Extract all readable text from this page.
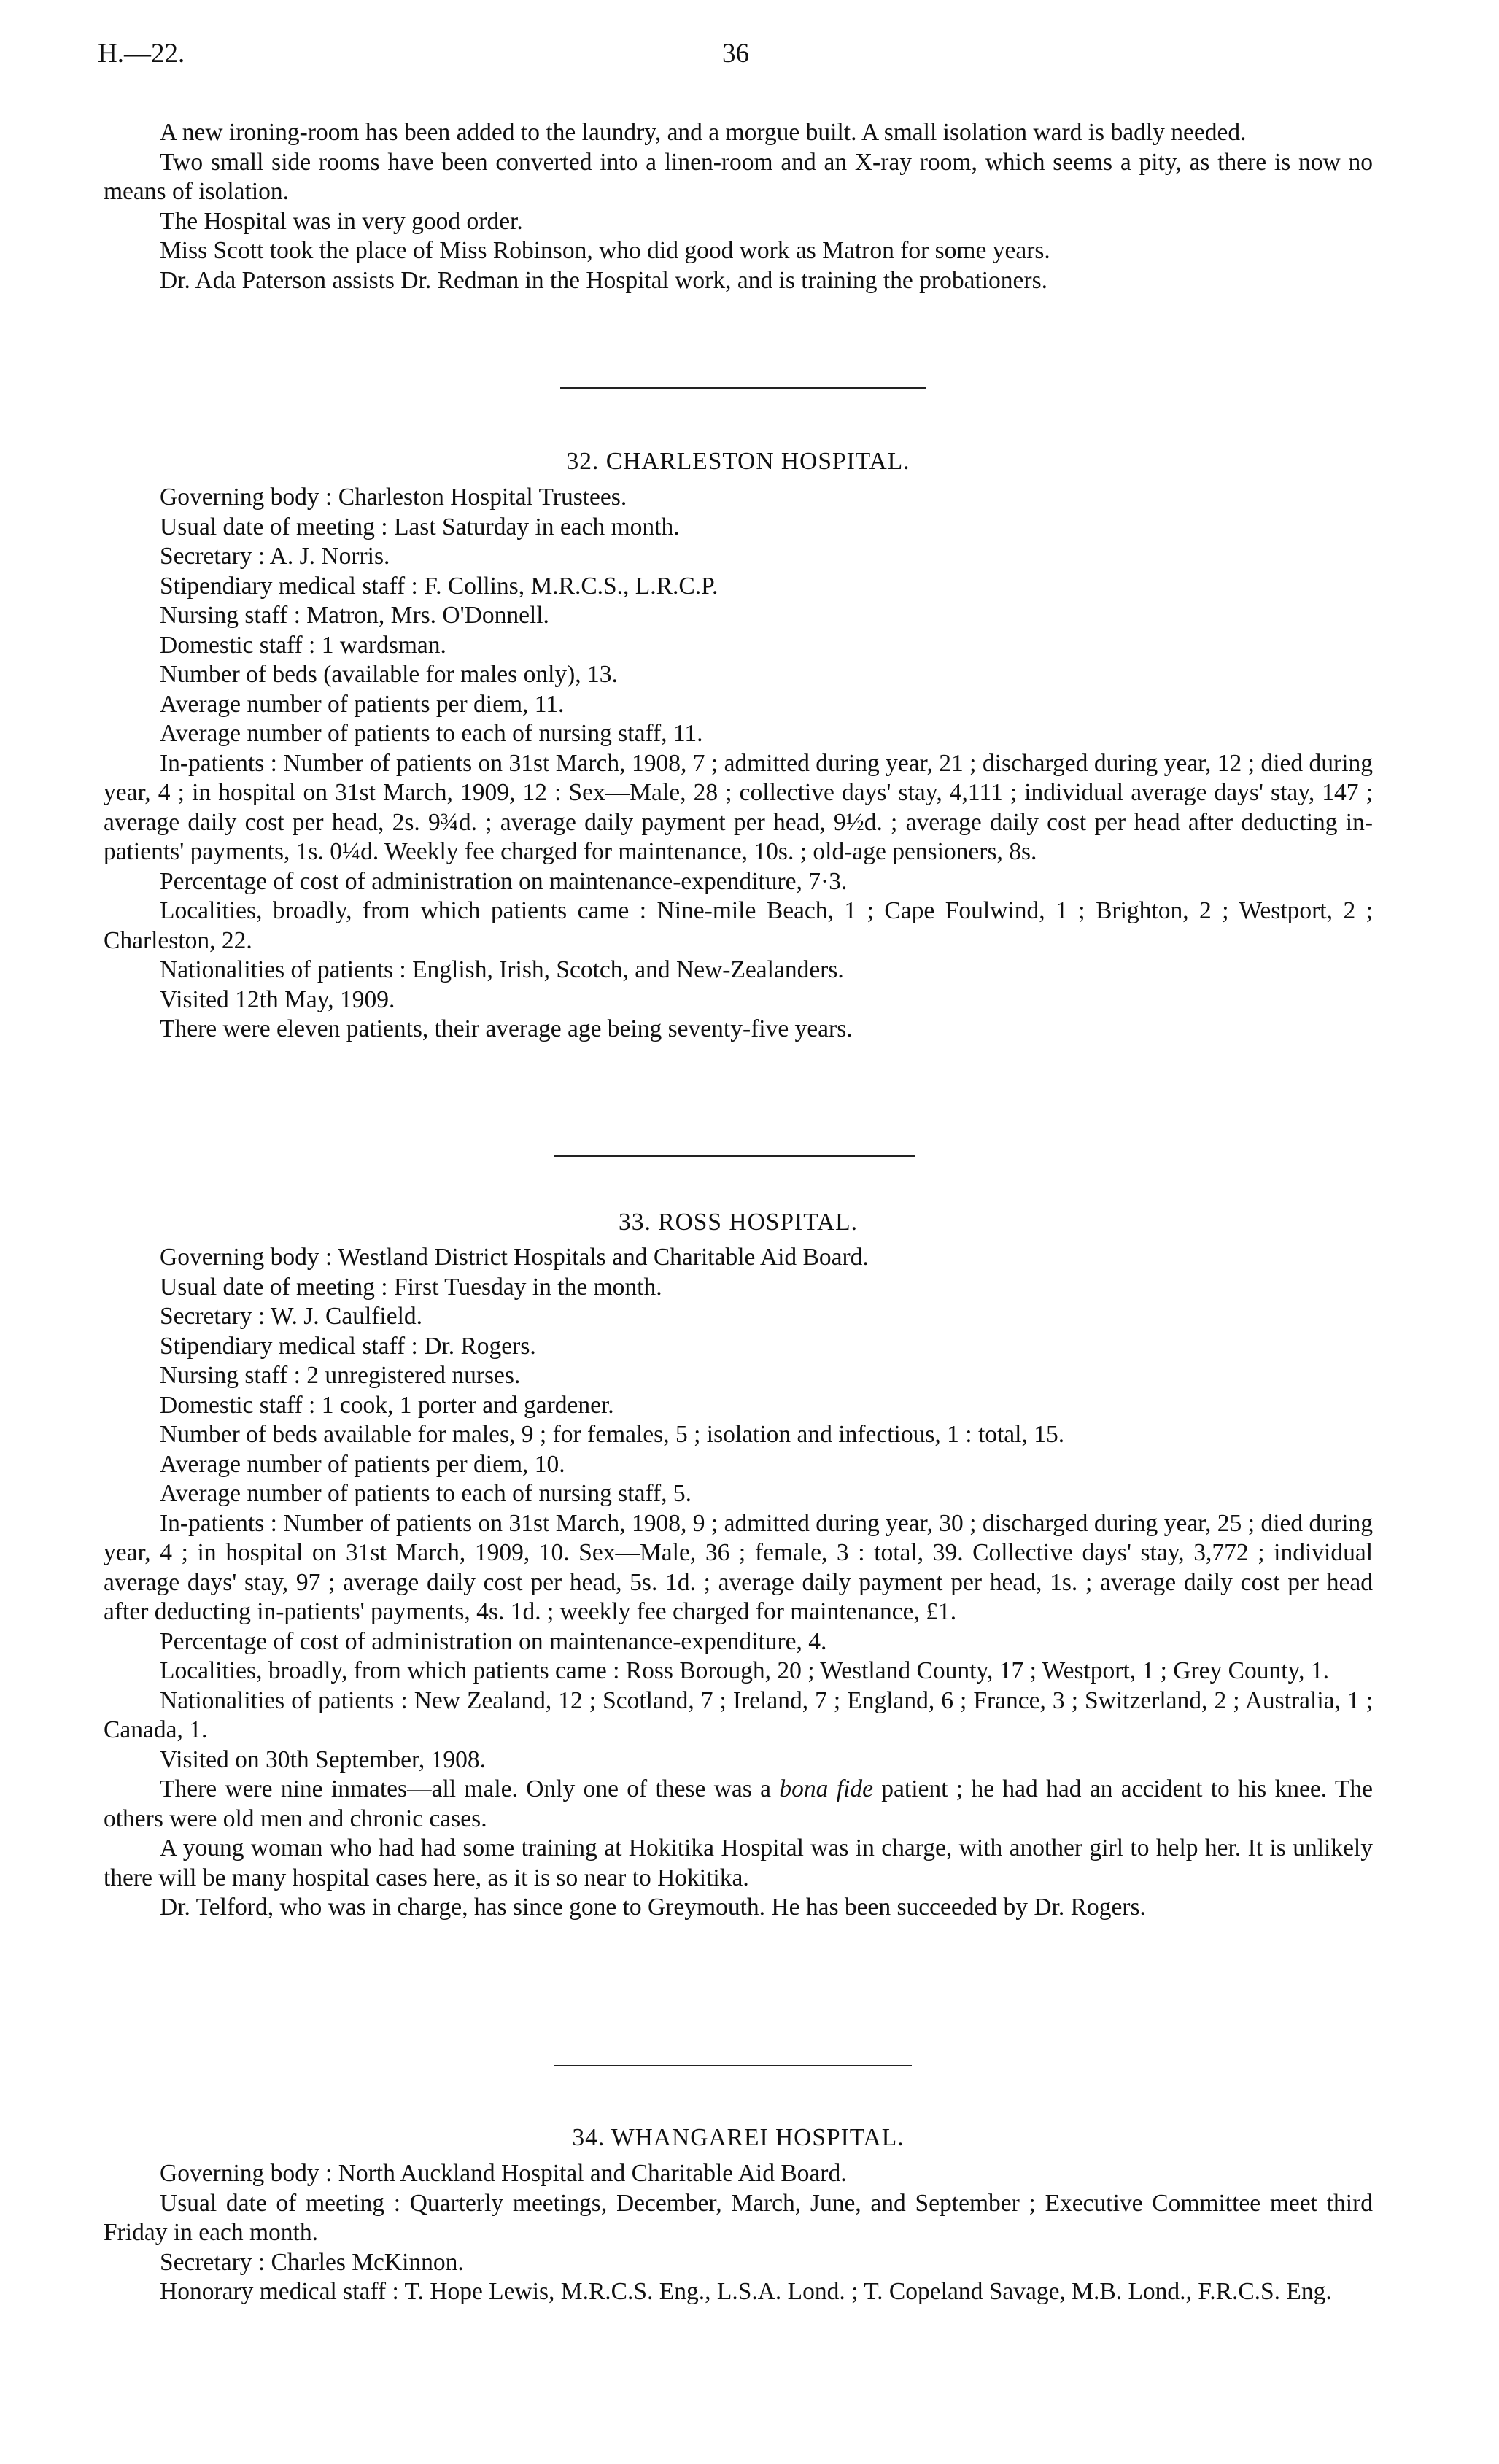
H.—22.	36

A new ironing-room has been added to the laundry, and a morgue built. A small isolation ward is badly needed.

Two small side rooms have been converted into a linen-room and an X-ray room, which seems a pity, as there is now no means of isolation.

The Hospital was in very good order.

Miss Scott took the place of Miss Robinson, who did good work as Matron for some years.

Dr. Ada Paterson assists Dr. Redman in the Hospital work, and is training the probationers.

32. CHARLESTON HOSPITAL.

Governing body : Charleston Hospital Trustees.

Usual date of meeting : Last Saturday in each month.

Secretary : A. J. Norris.

Stipendiary medical staff : F. Collins, M.R.C.S., L.R.C.P.

Nursing staff : Matron, Mrs. O'Donnell.

Domestic staff : 1 wardsman.

Number of beds (available for males only), 13.

Average number of patients per diem, 11.

Average number of patients to each of nursing staff, 11.

In-patients : Number of patients on 31st March, 1908, 7 ; admitted during year, 21 ; discharged during year, 12 ; died during year, 4 ; in hospital on 31st March, 1909, 12 : Sex—Male, 28 ; collective days' stay, 4,111 ; individual average days' stay, 147 ; average daily cost per head, 2s. 9¾d. ; average daily payment per head, 9½d. ; average daily cost per head after deducting in-patients' payments, 1s. 0¼d. Weekly fee charged for maintenance, 10s. ; old-age pensioners, 8s.

Percentage of cost of administration on maintenance-expenditure, 7·3.

Localities, broadly, from which patients came : Nine-mile Beach, 1 ; Cape Foulwind, 1 ; Brighton, 2 ; Westport, 2 ; Charleston, 22.

Nationalities of patients : English, Irish, Scotch, and New-Zealanders.

Visited 12th May, 1909.

There were eleven patients, their average age being seventy-five years.

33. ROSS HOSPITAL.

Governing body : Westland District Hospitals and Charitable Aid Board.

Usual date of meeting : First Tuesday in the month.

Secretary : W. J. Caulfield.

Stipendiary medical staff : Dr. Rogers.

Nursing staff : 2 unregistered nurses.

Domestic staff : 1 cook, 1 porter and gardener.

Number of beds available for males, 9 ; for females, 5 ; isolation and infectious, 1 : total, 15.

Average number of patients per diem, 10.

Average number of patients to each of nursing staff, 5.

In-patients : Number of patients on 31st March, 1908, 9 ; admitted during year, 30 ; discharged during year, 25 ; died during year, 4 ; in hospital on 31st March, 1909, 10. Sex—Male, 36 ; female, 3 : total, 39. Collective days' stay, 3,772 ; individual average days' stay, 97 ; average daily cost per head, 5s. 1d. ; average daily payment per head, 1s. ; average daily cost per head after deducting in-patients' payments, 4s. 1d. ; weekly fee charged for maintenance, £1.

Percentage of cost of administration on maintenance-expenditure, 4.

Localities, broadly, from which patients came : Ross Borough, 20 ; Westland County, 17 ; Westport, 1 ; Grey County, 1.

Nationalities of patients : New Zealand, 12 ; Scotland, 7 ; Ireland, 7 ; England, 6 ; France, 3 ; Switzerland, 2 ; Australia, 1 ; Canada, 1.

Visited on 30th September, 1908.

There were nine inmates—all male. Only one of these was a bona fide patient ; he had had an accident to his knee. The others were old men and chronic cases.

A young woman who had had some training at Hokitika Hospital was in charge, with another girl to help her. It is unlikely there will be many hospital cases here, as it is so near to Hokitika.

Dr. Telford, who was in charge, has since gone to Greymouth. He has been succeeded by Dr. Rogers.

34. WHANGAREI HOSPITAL.

Governing body : North Auckland Hospital and Charitable Aid Board.

Usual date of meeting : Quarterly meetings, December, March, June, and September ; Executive Committee meet third Friday in each month.

Secretary : Charles McKinnon.

Honorary medical staff : T. Hope Lewis, M.R.C.S. Eng., L.S.A. Lond. ; T. Copeland Savage, M.B. Lond., F.R.C.S. Eng.
